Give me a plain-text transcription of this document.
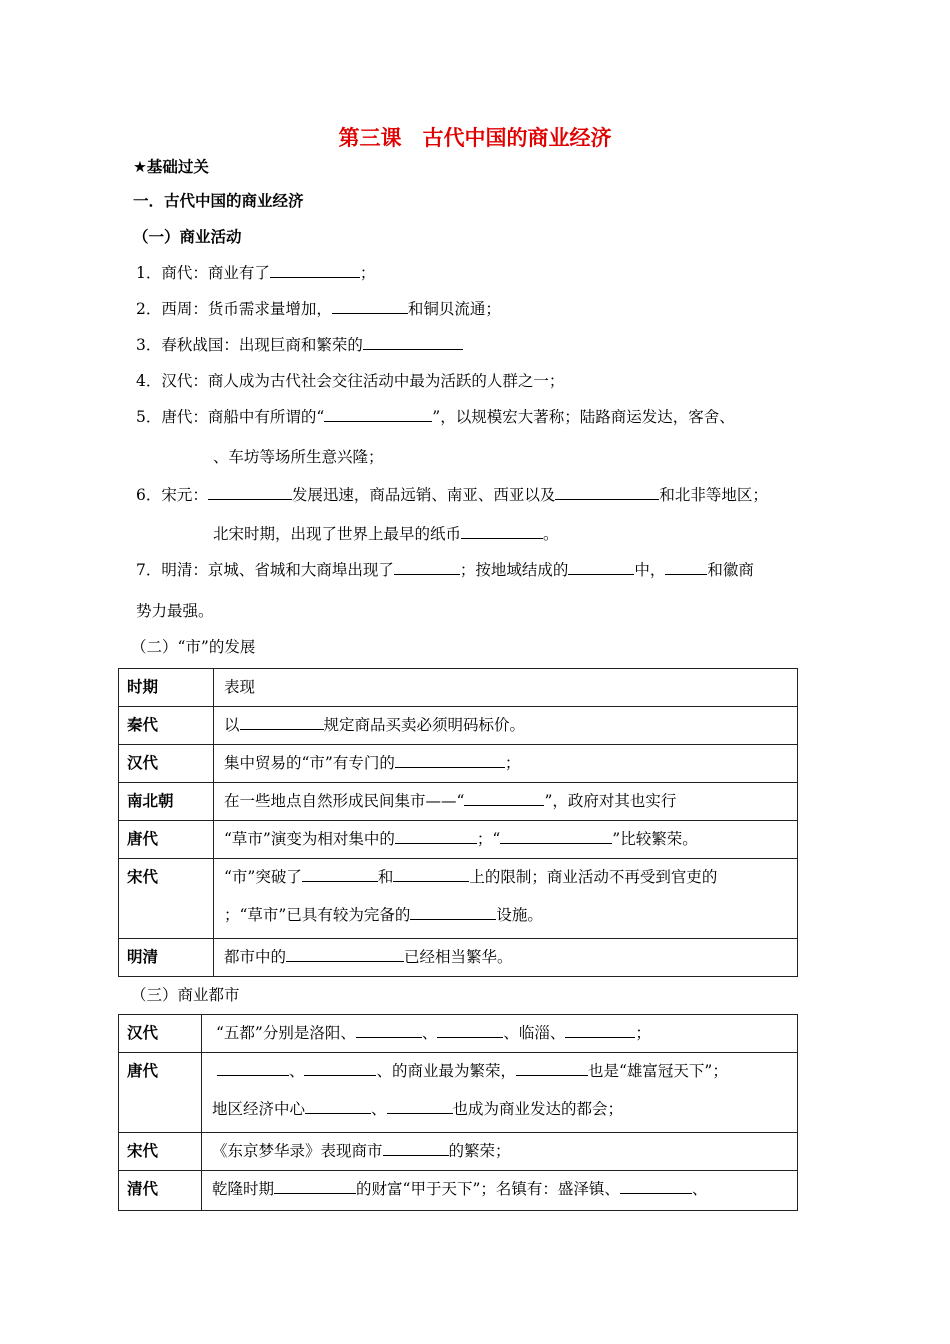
第三课　古代中国的商业经济
★基础过关
一．古代中国的商业经济
（一）商业活动
1．商代：商业有了	；
2．西周：货币需求量增加，	和铜贝流通；
3．春秋战国：出现巨商和繁荣的
4．汉代：商人成为古代社会交往活动中最为活跃的人群之一；
5．唐代：商船中有所谓的“	”，以规模宏大著称；陆路商运发达，客舍、
、车坊等场所生意兴隆；
6．宋元：	发展迅速，商品远销、南亚、西亚以及	和北非等地区；
北宋时期，出现了世界上最早的纸币	。
7．明清：京城、省城和大商埠出现了	；按地域结成的	中，	和徽商
势力最强。
（二）“市”的发展
时期	表现
秦代	以 规定商品买卖必须明码标价。
汉代	集中贸易的“市”有专门的 ；
南北朝	在一些地点自然形成民间集市——“ ”，政府对其也实行
唐代	“草市”演变为相对集中的 ；“ ”比较繁荣。
宋代	“市”突破了 和 上的限制；商业活动不再受到官吏的
；“草市”已具有较为完备的 设施。

明清	都市中的 已经相当繁华。
（三）商业都市
汉代	“五都”分别是洛阳、 、 、临淄、 ；
唐代	、 、的商业最为繁荣， 也是“雄富冠天下”；
地区经济中心 、 也成为商业发达的都会；

宋代	《东京梦华录》表现商市 的繁荣；
清代	乾隆时期 的财富“甲于天下”；名镇有：盛泽镇、 、
